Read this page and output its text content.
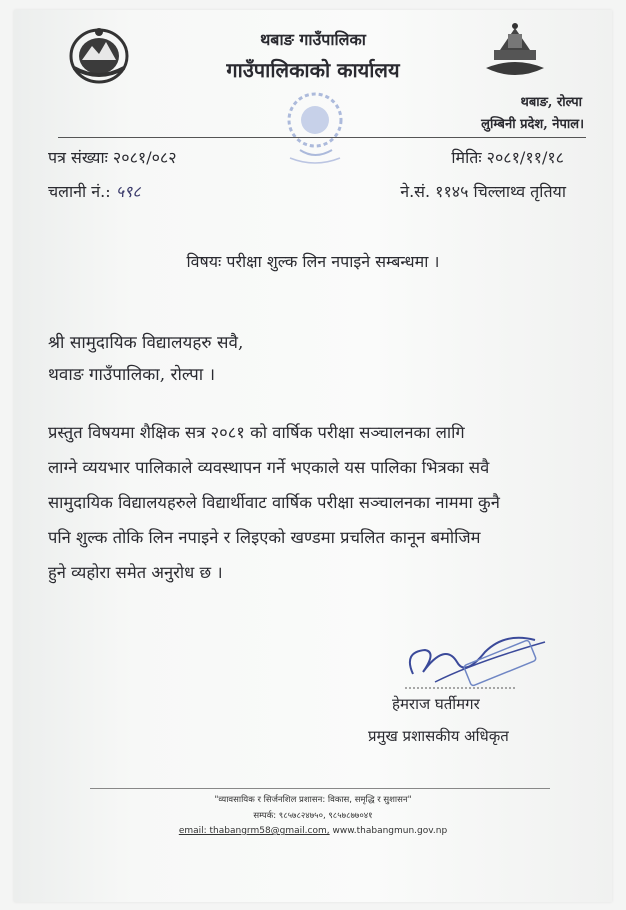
थबाङ गाउँपालिका
गाउँपालिकाको कार्यालय
थबाङ, रोल्पा
लुम्बिनी प्रदेश, नेपाल।
पत्र संख्याः २०८१/०८२	मितिः २०८१/११/१८
चलानी नं.: ५९८	ने.सं. ११४५ चिल्लाथ्व तृतिया
विषयः परीक्षा शुल्क लिन नपाइने सम्बन्धमा ।
श्री सामुदायिक विद्यालयहरु सवै,
थवाङ गाउँपालिका, रोल्पा ।
प्रस्तुत विषयमा शैक्षिक सत्र २०८१ को वार्षिक परीक्षा सञ्चालनका लागि
लाग्ने व्ययभार पालिकाले व्यवस्थापन गर्ने भएकाले यस पालिका भित्रका सवै
सामुदायिक विद्यालयहरुले विद्यार्थीवाट वार्षिक परीक्षा सञ्चालनका नाममा कुनै
पनि शुल्क तोकि लिन नपाइने र लिइएको खण्डमा प्रचलित कानून बमोजिम
हुने व्यहोरा समेत अनुरोध छ ।
हेमराज घर्तीमगर
प्रमुख प्रशासकीय अधिकृत
"व्यावसायिक र सिर्जनशिल प्रशासन: विकास, समृद्धि र सुशासन"
सम्पर्क: ९८५७८२४७५०, ९८५७८७७०४१
email: thabangrm58@gmail.com, www.thabangmun.gov.np
